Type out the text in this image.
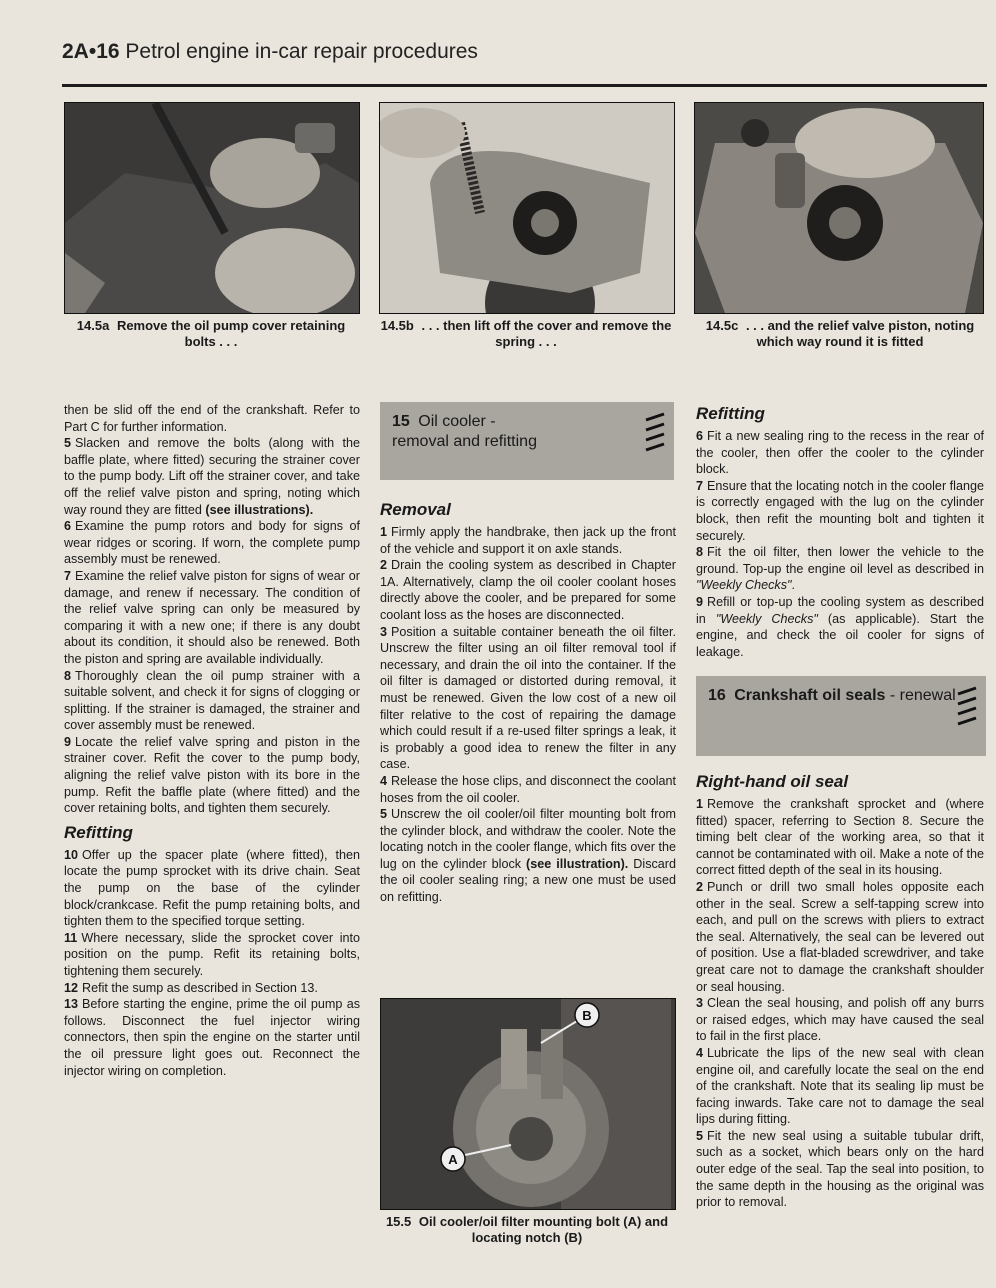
2A•16 Petrol engine in-car repair procedures
14.5a Remove the oil pump cover retaining bolts . . .
14.5b . . . then lift off the cover and remove the spring . . .
14.5c . . . and the relief valve piston, noting which way round it is fitted

then be slid off the end of the crankshaft. Refer to Part C for further information.

5 Slacken and remove the bolts (along with the baffle plate, where fitted) securing the strainer cover to the pump body. Lift off the strainer cover, and take off the relief valve piston and spring, noting which way round they are fitted (see illustrations).

6 Examine the pump rotors and body for signs of wear ridges or scoring. If worn, the complete pump assembly must be renewed.

7 Examine the relief valve piston for signs of wear or damage, and renew if necessary. The condition of the relief valve spring can only be measured by comparing it with a new one; if there is any doubt about its condition, it should also be renewed. Both the piston and spring are available individually.

8 Thoroughly clean the oil pump strainer with a suitable solvent, and check it for signs of clogging or splitting. If the strainer is damaged, the strainer and cover assembly must be renewed.

9 Locate the relief valve spring and piston in the strainer cover. Refit the cover to the pump body, aligning the relief valve piston with its bore in the pump. Refit the baffle plate (where fitted) and the cover retaining bolts, and tighten them securely.

Refitting

10 Offer up the spacer plate (where fitted), then locate the pump sprocket with its drive chain. Seat the pump on the base of the cylinder block/crankcase. Refit the pump retaining bolts, and tighten them to the specified torque setting.

11 Where necessary, slide the sprocket cover into position on the pump. Refit its retaining bolts, tightening them securely.

12 Refit the sump as described in Section 13.

13 Before starting the engine, prime the oil pump as follows. Disconnect the fuel injector wiring connectors, then spin the engine on the starter until the oil pressure light goes out. Reconnect the injector wiring on completion.

15 Oil cooler -
removal and refitting
Removal

1 Firmly apply the handbrake, then jack up the front of the vehicle and support it on axle stands.

2 Drain the cooling system as described in Chapter 1A. Alternatively, clamp the oil cooler coolant hoses directly above the cooler, and be prepared for some coolant loss as the hoses are disconnected.

3 Position a suitable container beneath the oil filter. Unscrew the filter using an oil filter removal tool if necessary, and drain the oil into the container. If the oil filter is damaged or distorted during removal, it must be renewed. Given the low cost of a new oil filter relative to the cost of repairing the damage which could result if a re-used filter springs a leak, it is probably a good idea to renew the filter in any case.

4 Release the hose clips, and disconnect the coolant hoses from the oil cooler.

5 Unscrew the oil cooler/oil filter mounting bolt from the cylinder block, and withdraw the cooler. Note the locating notch in the cooler flange, which fits over the lug on the cylinder block (see illustration). Discard the oil cooler sealing ring; a new one must be used on refitting.

A
B
15.5 Oil cooler/oil filter mounting bolt (A) and locating notch (B)
Refitting

6 Fit a new sealing ring to the recess in the rear of the cooler, then offer the cooler to the cylinder block.

7 Ensure that the locating notch in the cooler flange is correctly engaged with the lug on the cylinder block, then refit the mounting bolt and tighten it securely.

8 Fit the oil filter, then lower the vehicle to the ground. Top-up the engine oil level as described in "Weekly Checks".

9 Refill or top-up the cooling system as described in "Weekly Checks" (as applicable). Start the engine, and check the oil cooler for signs of leakage.

16 Crankshaft oil seals - renewal
Right-hand oil seal

1 Remove the crankshaft sprocket and (where fitted) spacer, referring to Section 8. Secure the timing belt clear of the working area, so that it cannot be contaminated with oil. Make a note of the correct fitted depth of the seal in its housing.

2 Punch or drill two small holes opposite each other in the seal. Screw a self-tapping screw into each, and pull on the screws with pliers to extract the seal. Alternatively, the seal can be levered out of position. Use a flat-bladed screwdriver, and take great care not to damage the crankshaft shoulder or seal housing.

3 Clean the seal housing, and polish off any burrs or raised edges, which may have caused the seal to fail in the first place.

4 Lubricate the lips of the new seal with clean engine oil, and carefully locate the seal on the end of the crankshaft. Note that its sealing lip must be facing inwards. Take care not to damage the seal lips during fitting.

5 Fit the new seal using a suitable tubular drift, such as a socket, which bears only on the hard outer edge of the seal. Tap the seal into position, to the same depth in the housing as the original was prior to removal.
